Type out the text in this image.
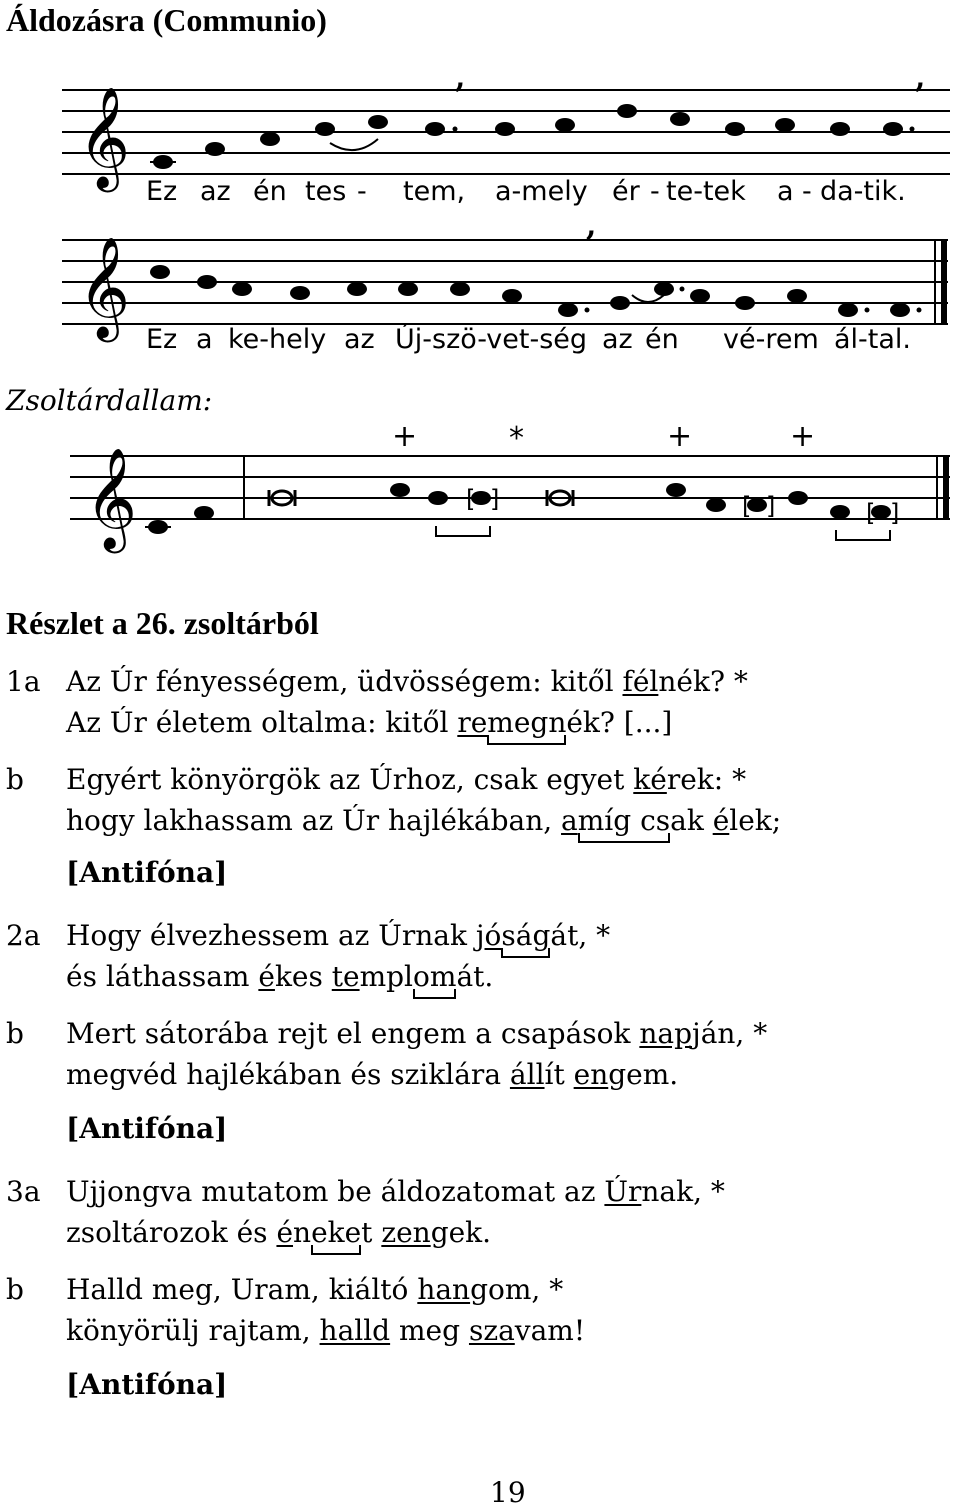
Áldozásra (Communio)
𝄞
,	,
Ez az én tes - tem, a-mely ér - te-tek a - da-tik.
𝄞
,
Ez a ke-hely az Új-szö-vet-ség az én vé-rem ál-tal.
Zsoltárdallam:
𝄞
+	*	+	+
[ ]	[ ]	[ ]
Részlet a 26. zsoltárból
1a Az Úr fényességem, üdvösségem: kitől félnék? *
Az Úr életem oltalma: kitől remegnék? [...]
b	Egyért könyörgök az Úrhoz, csak egyet kérek: *
hogy lakhassam az Úr hajlékában, amíg csak élek;
[Antifóna]
2a Hogy élvezhessem az Úrnak jóságát, *
és láthassam ékes templomát.
b	Mert sátorába rejt el engem a csapások napján, *
megvéd hajlékában és sziklára állít engem.
[Antifóna]
3a Ujjongva mutatom be áldozatomat az Úrnak, *
zsoltározok és éneket zengek.
b	Halld meg, Uram, kiáltó hangom, *
könyörülj rajtam, halld meg szavam!
[Antifóna]
19
